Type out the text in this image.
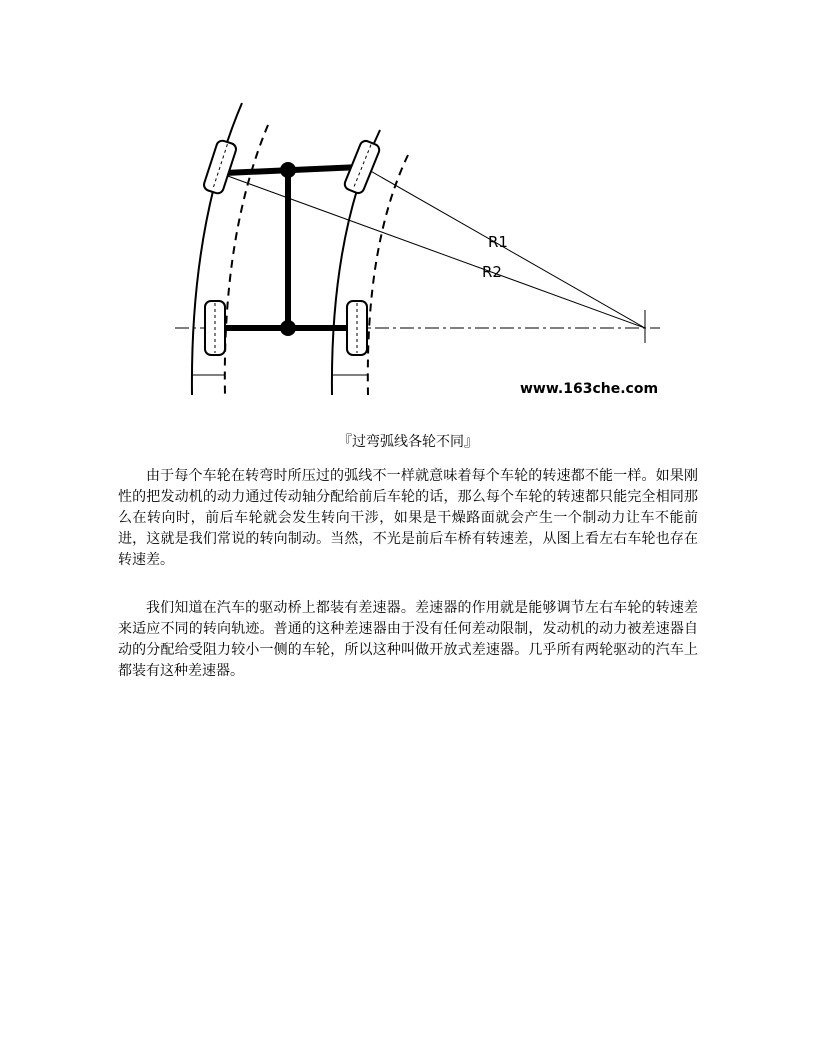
R1
R2
www.163che.com
『过弯弧线各轮不同』

由于每个车轮在转弯时所压过的弧线不一样就意味着每个车轮的转速都不能一样。如果刚性的把发动机的动力通过传动轴分配给前后车轮的话，那么每个车轮的转速都只能完全相同那么在转向时，前后车轮就会发生转向干涉，如果是干燥路面就会产生一个制动力让车不能前进，这就是我们常说的转向制动。当然，不光是前后车桥有转速差，从图上看左右车轮也存在转速差。

我们知道在汽车的驱动桥上都装有差速器。差速器的作用就是能够调节左右车轮的转速差来适应不同的转向轨迹。普通的这种差速器由于没有任何差动限制，发动机的动力被差速器自动的分配给受阻力较小一侧的车轮，所以这种叫做开放式差速器。几乎所有两轮驱动的汽车上都装有这种差速器。
